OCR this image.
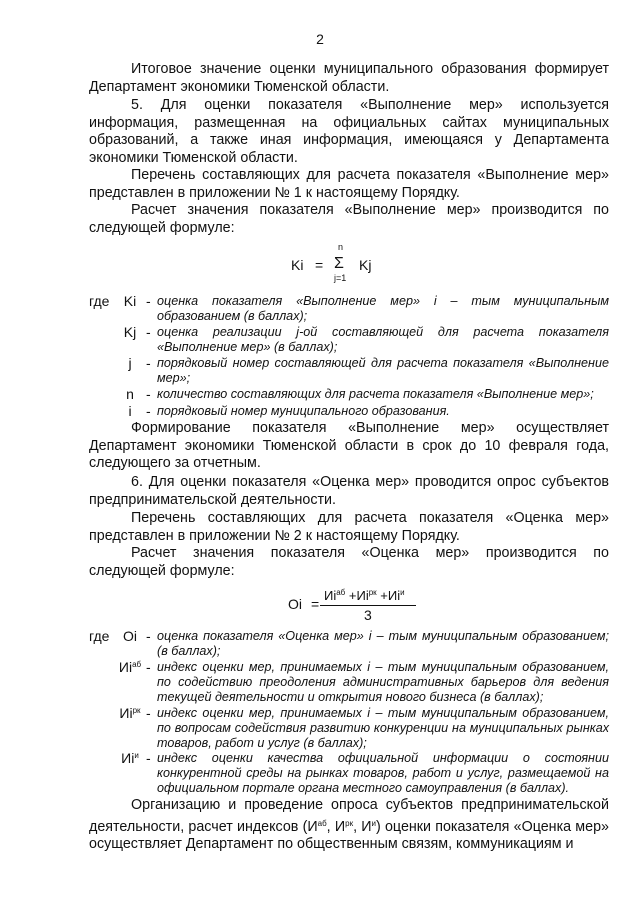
2

Итоговое значение оценки муниципального образования формирует Департамент экономики Тюменской области.

5. Для оценки показателя «Выполнение мер» используется информация, размещенная на официальных сайтах муниципальных образований, а также иная информация, имеющаяся у Департамента экономики Тюменской области.

Перечень составляющих для расчета показателя «Выполнение мер» представлен в приложении № 1 к настоящему Порядку.

Расчет значения показателя «Выполнение мер» производится по следующей формуле:

Ki =
n
Σ
j=1
Kj
где	Ki - оценка показателя «Выполнение мер» i – тым муниципальным образованием (в баллах);

Kj - оценка реализации j-ой составляющей для расчета показателя «Выполнение мер» (в баллах);

j	- порядковый номер составляющей для расчета показателя «Выполнение мер»;

n - количество составляющих для расчета показателя «Выполнение мер»;

i	- порядковый номер муниципального образования.

Формирование показателя «Выполнение мер» осуществляет Департамент экономики Тюменской области в срок до 10 февраля года, следующего за отчетным.

6. Для оценки показателя «Оценка мер» проводится опрос субъектов предпринимательской деятельности.

Перечень составляющих для расчета показателя «Оценка мер» представлен в приложении № 2 к настоящему Порядку.

Расчет значения показателя «Оценка мер» производится по следующей формуле:

Oi =
$Иi^{аб} +Иi^{рк} +Иi^и$
3
где Oi - оценка показателя «Оценка мер» i – тым муниципальным образованием; (в баллах);

$Иi^{аб}$ - индекс оценки мер, принимаемых i – тым муниципальным образованием, по содействию преодоления административных барьеров для ведения текущей деятельности и открытия нового бизнеса (в баллах);

$Иi^{рк}$ - индекс оценки мер, принимаемых i – тым муниципальным образованием, по вопросам содействия развитию конкуренции на муниципальных рынках товаров, работ и услуг (в баллах);

$Иi^и$ - индекс оценки качества официальной информации о состоянии конкурентной среды на рынках товаров, работ и услуг, размещаемой на официальном портале органа местного самоуправления (в баллах).

Организацию и проведение опроса субъектов предпринимательской деятельности, расчет индексов ($И^{аб}$, $И^{рк}$, $И^и$) оценки показателя «Оценка мер» осуществляет Департамент по общественным связям, коммуникациям и
